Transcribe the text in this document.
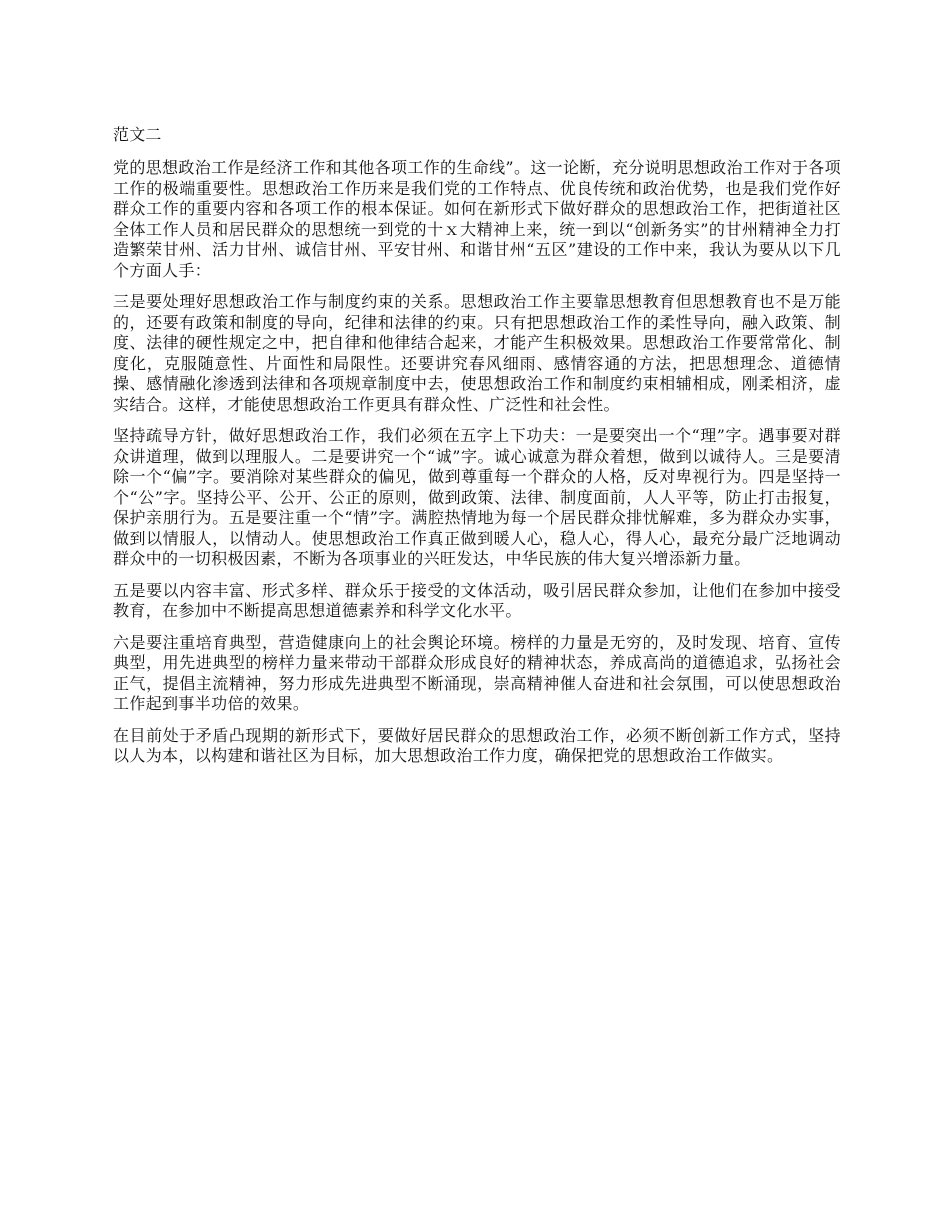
范文二

党的思想政治工作是经济工作和其他各项工作的生命线”。这一论断，充分说明思想政治工作对于各项工作的极端重要性。思想政治工作历来是我们党的工作特点、优良传统和政治优势，也是我们党作好群众工作的重要内容和各项工作的根本保证。如何在新形式下做好群众的思想政治工作，把街道社区全体工作人员和居民群众的思想统一到党的十ｘ大精神上来，统一到以“创新务实”的甘州精神全力打造繁荣甘州、活力甘州、诚信甘州、平安甘州、和谐甘州“五区”建设的工作中来，我认为要从以下几个方面人手：

三是要处理好思想政治工作与制度约束的关系。思想政治工作主要靠思想教育但思想教育也不是万能的，还要有政策和制度的导向，纪律和法律的约束。只有把思想政治工作的柔性导向，融入政策、制度、法律的硬性规定之中，把自律和他律结合起来，才能产生积极效果。思想政治工作要常常化、制度化，克服随意性、片面性和局限性。还要讲究春风细雨、感情容通的方法，把思想理念、道德情操、感情融化渗透到法律和各项规章制度中去，使思想政治工作和制度约束相辅相成，刚柔相济，虚实结合。这样，才能使思想政治工作更具有群众性、广泛性和社会性。

坚持疏导方针，做好思想政治工作，我们必须在五字上下功夫：一是要突出一个“理”字。遇事要对群众讲道理，做到以理服人。二是要讲究一个“诚”字。诚心诚意为群众着想，做到以诚待人。三是要清除一个“偏”字。要消除对某些群众的偏见，做到尊重每一个群众的人格，反对卑视行为。四是坚持一个“公”字。坚持公平、公开、公正的原则，做到政策、法律、制度面前，人人平等，防止打击报复，保护亲朋行为。五是要注重一个“情”字。满腔热情地为每一个居民群众排忧解难，多为群众办实事，做到以情服人，以情动人。使思想政治工作真正做到暖人心，稳人心，得人心，最充分最广泛地调动群众中的一切积极因素，不断为各项事业的兴旺发达，中华民族的伟大复兴增添新力量。

五是要以内容丰富、形式多样、群众乐于接受的文体活动，吸引居民群众参加，让他们在参加中接受教育，在参加中不断提高思想道德素养和科学文化水平。

六是要注重培育典型，营造健康向上的社会舆论环境。榜样的力量是无穷的，及时发现、培育、宣传典型，用先进典型的榜样力量来带动干部群众形成良好的精神状态，养成高尚的道德追求，弘扬社会正气，提倡主流精神，努力形成先进典型不断涌现，崇高精神催人奋进和社会氛围，可以使思想政治工作起到事半功倍的效果。

在目前处于矛盾凸现期的新形式下，要做好居民群众的思想政治工作，必须不断创新工作方式，坚持以人为本，以构建和谐社区为目标，加大思想政治工作力度，确保把党的思想政治工作做实。
